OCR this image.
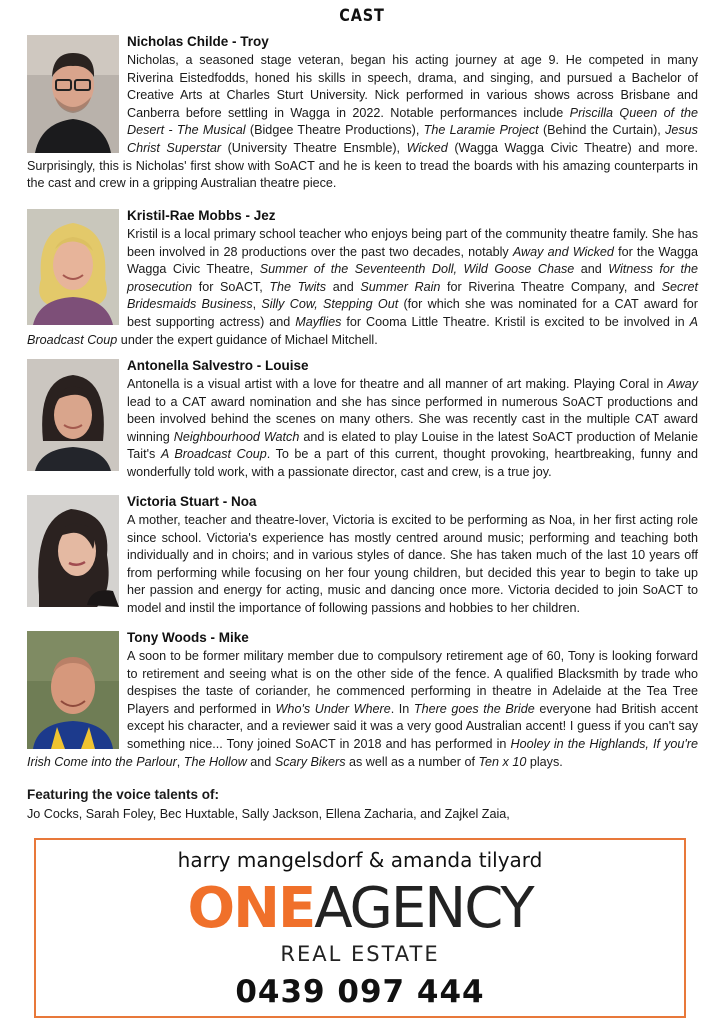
CAST
Nicholas Childe - Troy

Nicholas, a seasoned stage veteran, began his acting journey at age 9. He competed in many Riverina Eistedfodds, honed his skills in speech, drama, and singing, and pursued a Bachelor of Creative Arts at Charles Sturt University. Nick performed in various shows across Brisbane and Canberra before settling in Wagga in 2022. Notable performances include Priscilla Queen of the Desert - The Musical (Bidgee Theatre Productions), The Laramie Project (Behind the Curtain), Jesus Christ Superstar (University Theatre Ensmble), Wicked (Wagga Wagga Civic Theatre) and more. Surprisingly, this is Nicholas' first show with SoACT and he is keen to tread the boards with his amazing counterparts in the cast and crew in a gripping Australian theatre piece.

Kristil-Rae Mobbs - Jez

Kristil is a local primary school teacher who enjoys being part of the community theatre family. She has been involved in 28 productions over the past two decades, notably Away and Wicked for the Wagga Wagga Civic Theatre, Summer of the Seventeenth Doll, Wild Goose Chase and Witness for the prosecution for SoACT, The Twits and Summer Rain for Riverina Theatre Company, and Secret Bridesmaids Business, Silly Cow, Stepping Out (for which she was nominated for a CAT award for best supporting actress) and Mayflies for Cooma Little Theatre. Kristil is excited to be involved in A Broadcast Coup under the expert guidance of Michael Mitchell.

Antonella Salvestro - Louise

Antonella is a visual artist with a love for theatre and all manner of art making. Playing Coral in Away lead to a CAT award nomination and she has since performed in numerous SoACT productions and been involved behind the scenes on many others. She was recently cast in the multiple CAT award winning Neighbourhood Watch and is elated to play Louise in the latest SoACT production of Melanie Tait's A Broadcast Coup. To be a part of this current, thought provoking, heartbreaking, funny and wonderfully told work, with a passionate director, cast and crew, is a true joy.

Victoria Stuart - Noa

A mother, teacher and theatre-lover, Victoria is excited to be performing as Noa, in her first acting role since school. Victoria's experience has mostly centred around music; performing and teaching both individually and in choirs; and in various styles of dance. She has taken much of the last 10 years off from performing while focusing on her four young children, but decided this year to begin to take up her passion and energy for acting, music and dancing once more. Victoria decided to join SoACT to model and instil the importance of following passions and hobbies to her children.

Tony Woods - Mike

A soon to be former military member due to compulsory retirement age of 60, Tony is looking forward to retirement and seeing what is on the other side of the fence. A qualified Blacksmith by trade who despises the taste of coriander, he commenced performing in theatre in Adelaide at the Tea Tree Players and performed in Who's Under Where. In There goes the Bride everyone had British accent except his character, and a reviewer said it was a very good Australian accent! I guess if you can't say something nice... Tony joined SoACT in 2018 and has performed in Hooley in the Highlands, If you're Irish Come into the Parlour, The Hollow and Scary Bikers as well as a number of Ten x 10 plays.

Featuring the voice talents of:
Jo Cocks, Sarah Foley, Bec Huxtable, Sally Jackson, Ellena Zacharia, and Zajkel Zaia,
harry mangelsdorf & amanda tilyard
ONEAGENCY
REAL ESTATE
0439 097 444
